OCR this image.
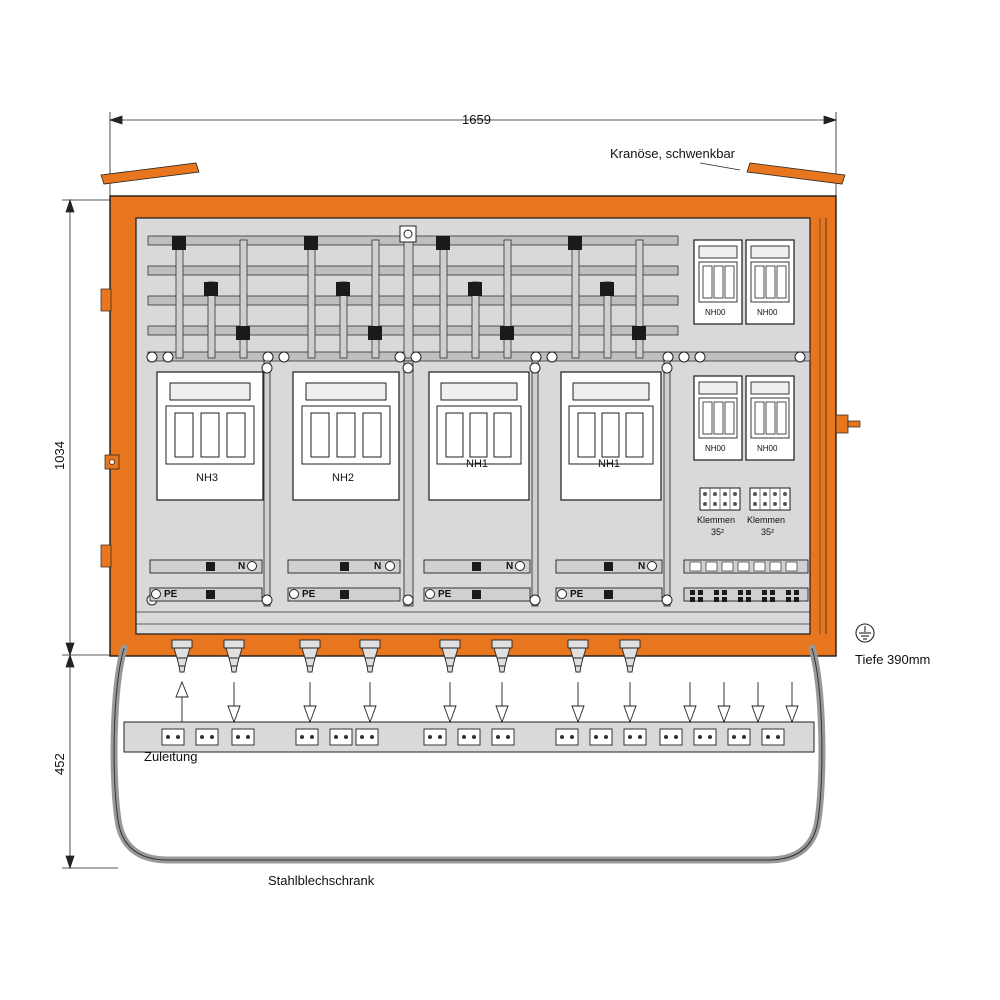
1659
1034
452
Kranöse, schwenkbar
Tiefe 390mm
Zuleitung
Stahlblechschrank
NH3	NH2
NH1	NH1
NH00	NH00
NH00	NH00
Klemmen
35²
Klemmen
35²
N	N	N	N
PE	PE	PE	PE
